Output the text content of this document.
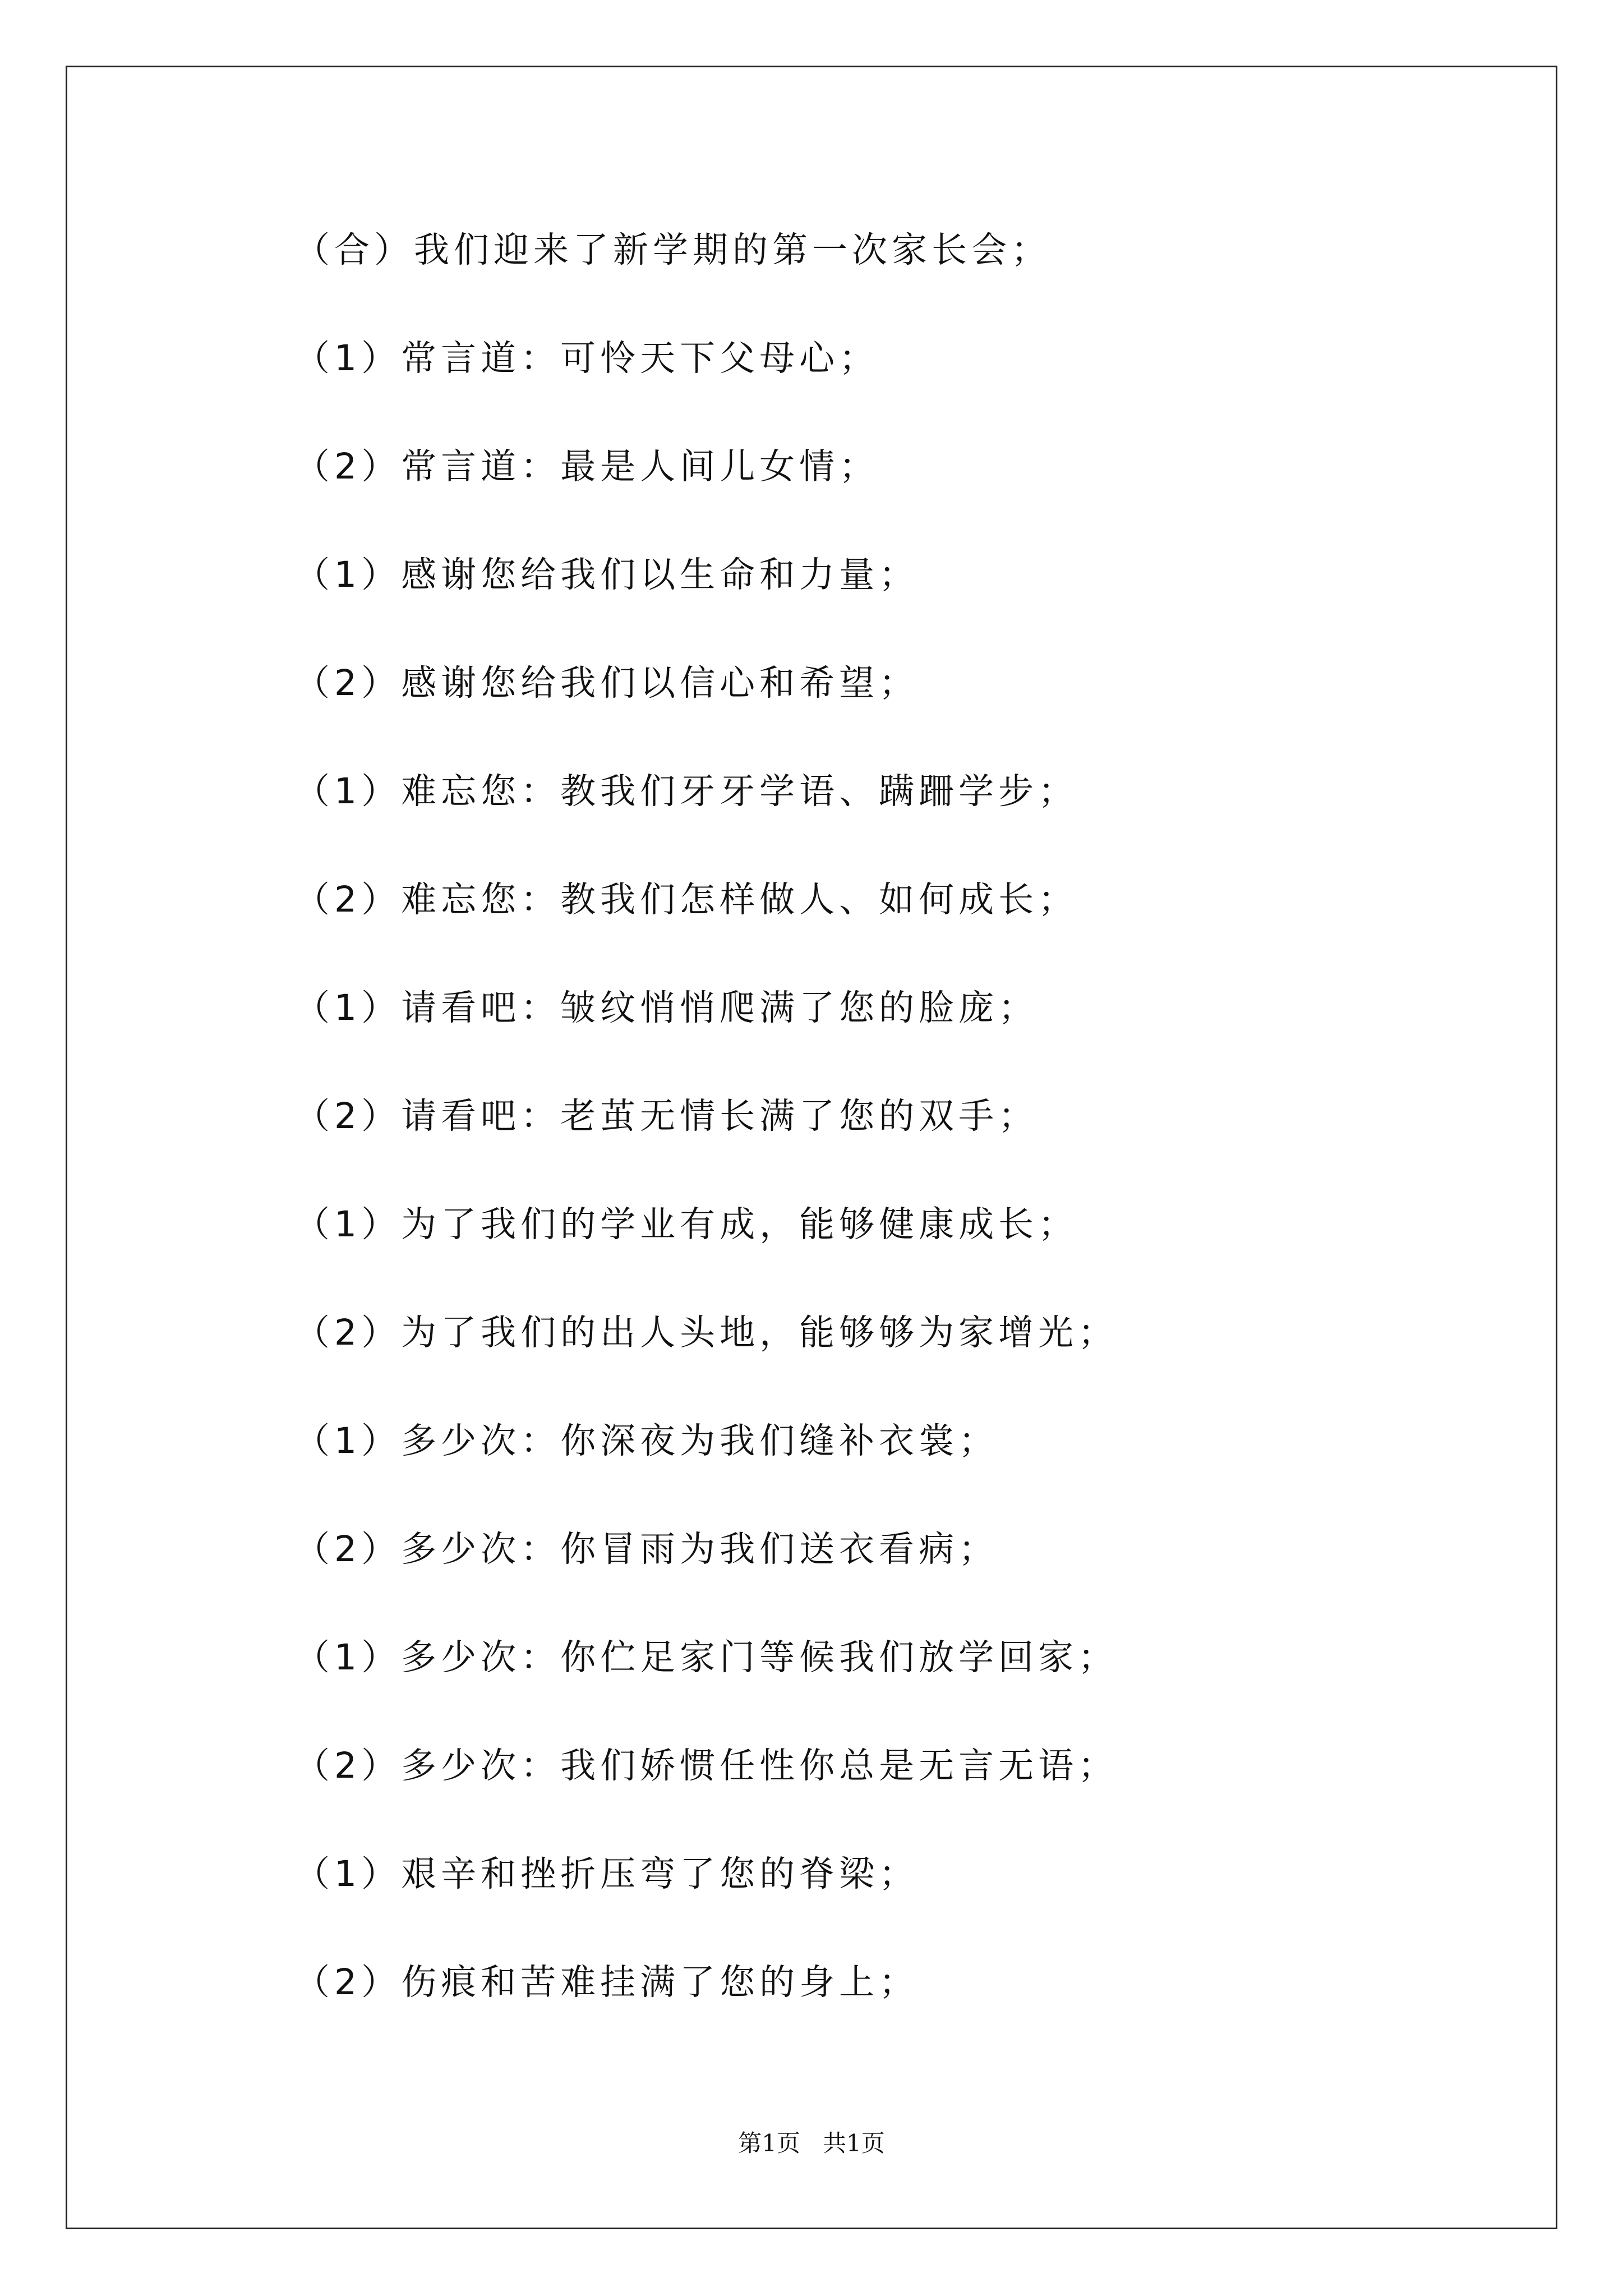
（合）我们迎来了新学期的第一次家长会；
（1）常言道：可怜天下父母心；
（2）常言道：最是人间儿女情；
（1）感谢您给我们以生命和力量；
（2）感谢您给我们以信心和希望；
（1）难忘您：教我们牙牙学语、蹒跚学步；
（2）难忘您：教我们怎样做人、如何成长；
（1）请看吧：皱纹悄悄爬满了您的脸庞；
（2）请看吧：老茧无情长满了您的双手；
（1）为了我们的学业有成，能够健康成长；
（2）为了我们的出人头地，能够够为家增光；
（1）多少次：你深夜为我们缝补衣裳；
（2）多少次：你冒雨为我们送衣看病；
（1）多少次：你伫足家门等候我们放学回家；
（2）多少次：我们娇惯任性你总是无言无语；
（1）艰辛和挫折压弯了您的脊梁；
（2）伤痕和苦难挂满了您的身上；
第1页   共1页
